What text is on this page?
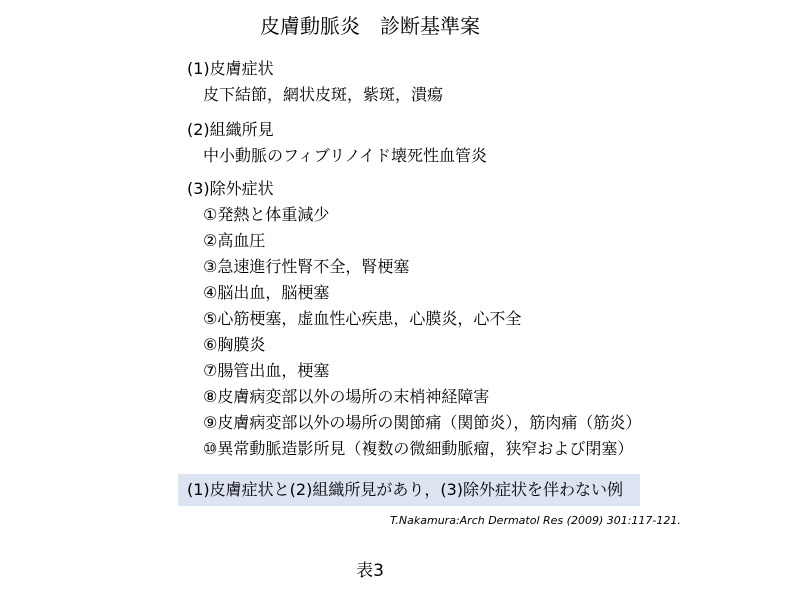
皮膚動脈炎　診断基準案
(1)皮膚症状
皮下結節，網状皮斑，紫斑，潰瘍
(2)組織所見
中小動脈のフィブリノイド壊死性血管炎
(3)除外症状
①発熱と体重減少
②高血圧
③急速進行性腎不全，腎梗塞
④脳出血，脳梗塞
⑤心筋梗塞，虚血性心疾患，心膜炎，心不全
⑥胸膜炎
⑦腸管出血，梗塞
⑧皮膚病変部以外の場所の末梢神経障害
⑨皮膚病変部以外の場所の関節痛（関節炎），筋肉痛（筋炎）
⑩異常動脈造影所見（複数の微細動脈瘤，狭窄および閉塞）
(1)皮膚症状と(2)組織所見があり，(3)除外症状を伴わない例
T.Nakamura:Arch Dermatol Res (2009) 301:117-121.
表3
